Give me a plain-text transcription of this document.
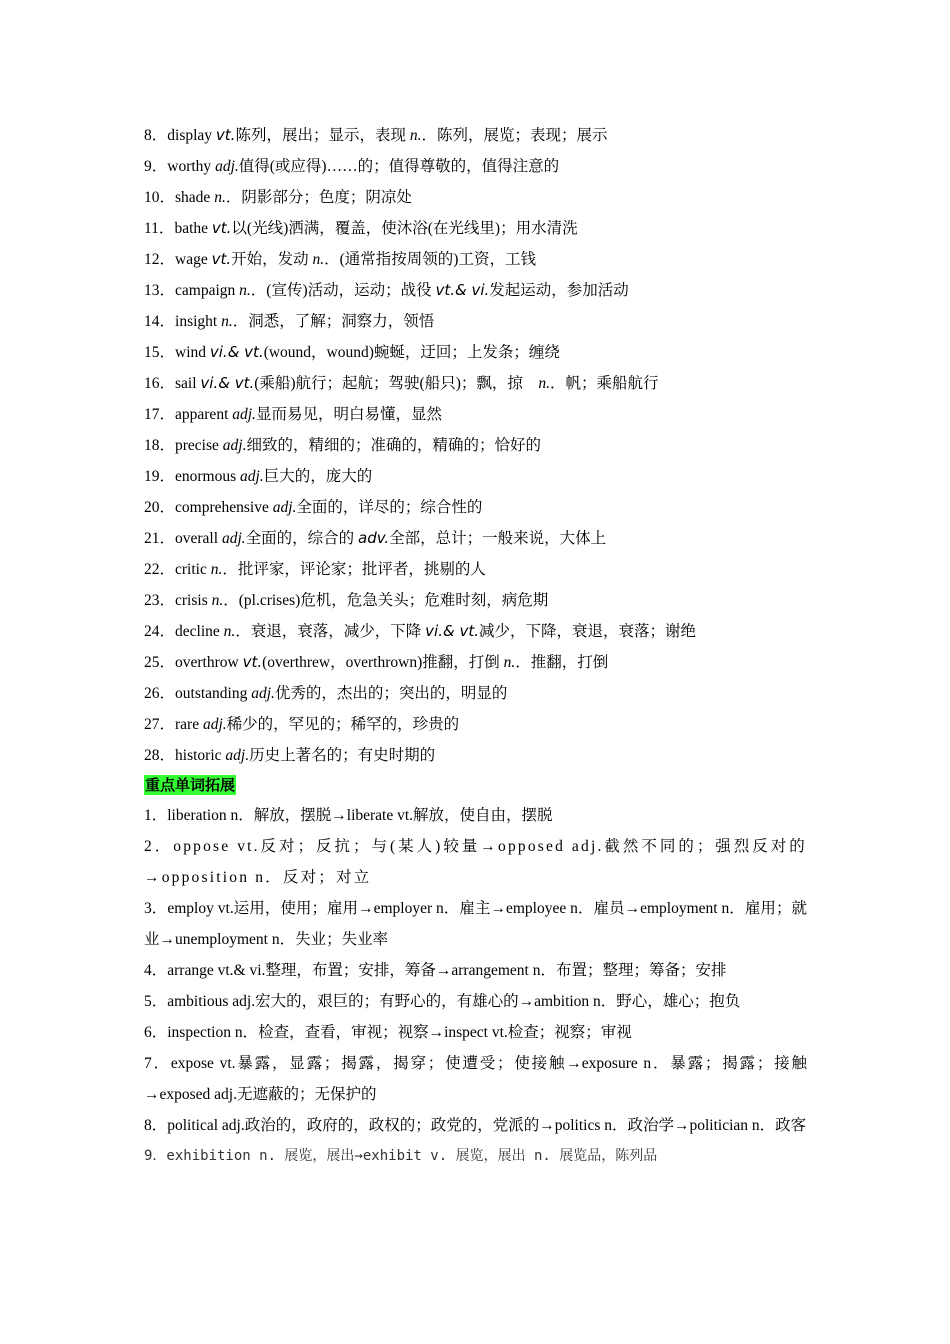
8．display vt.陈列，展出；显示，表现 n.．陈列，展览；表现；展示
9．worthy adj.值得(或应得)……的；值得尊敬的，值得注意的
10．shade n.．阴影部分；色度；阴凉处
11．bathe vt.以(光线)洒满，覆盖，使沐浴(在光线里)；用水清洗
12．wage vt.开始，发动 n.．(通常指按周领的)工资，工钱
13．campaign n.．(宣传)活动，运动；战役 vt.& vi.发起运动，参加活动
14．insight n.．洞悉，了解；洞察力，领悟
15．wind vi.& vt.(wound，wound)蜿蜒，迂回；上发条；缠绕
16．sail vi.& vt.(乘船)航行；起航；驾驶(船只)；飘，掠　n.．帆；乘船航行
17．apparent adj.显而易见，明白易懂，显然
18．precise adj.细致的，精细的；准确的，精确的；恰好的
19．enormous adj.巨大的，庞大的
20．comprehensive adj.全面的，详尽的；综合性的
21．overall adj.全面的，综合的 adv.全部，总计；一般来说，大体上
22．critic n.．批评家，评论家；批评者，挑剔的人
23．crisis n.．(pl.crises)危机，危急关头；危难时刻，病危期
24．decline n.．衰退，衰落，减少，下降 vi.& vt.减少，下降，衰退，衰落；谢绝
25．overthrow vt.(overthrew，overthrown)推翻，打倒 n.．推翻，打倒
26．outstanding adj.优秀的，杰出的；突出的，明显的
27．rare adj.稀少的，罕见的；稀罕的，珍贵的
28．historic adj.历史上著名的；有史时期的
重点单词拓展
1．liberation n．解放，摆脱→liberate vt.解放，使自由，摆脱
2．oppose vt.反对；反抗；与(某人)较量→opposed adj.截然不同的；强烈反对的→opposition n．反对；对立
3．employ vt.运用，使用；雇用→employer n．雇主→employee n．雇员→employment n．雇用；就业→unemployment n．失业；失业率
4．arrange vt.& vi.整理，布置；安排，筹备→arrangement n．布置；整理；筹备；安排
5．ambitious adj.宏大的，艰巨的；有野心的，有雄心的→ambition n．野心，雄心；抱负
6．inspection n．检查，查看，审视；视察→inspect vt.检查；视察；审视
7．expose vt.暴露，显露；揭露，揭穿；使遭受；使接触→exposure n．暴露；揭露；接触→exposed adj.无遮蔽的；无保护的
8．political adj.政治的，政府的，政权的；政党的，党派的→politics n．政治学→politician n．政客
9．exhibition n. 展览，展出→exhibit v. 展览，展出 n. 展览品，陈列品
